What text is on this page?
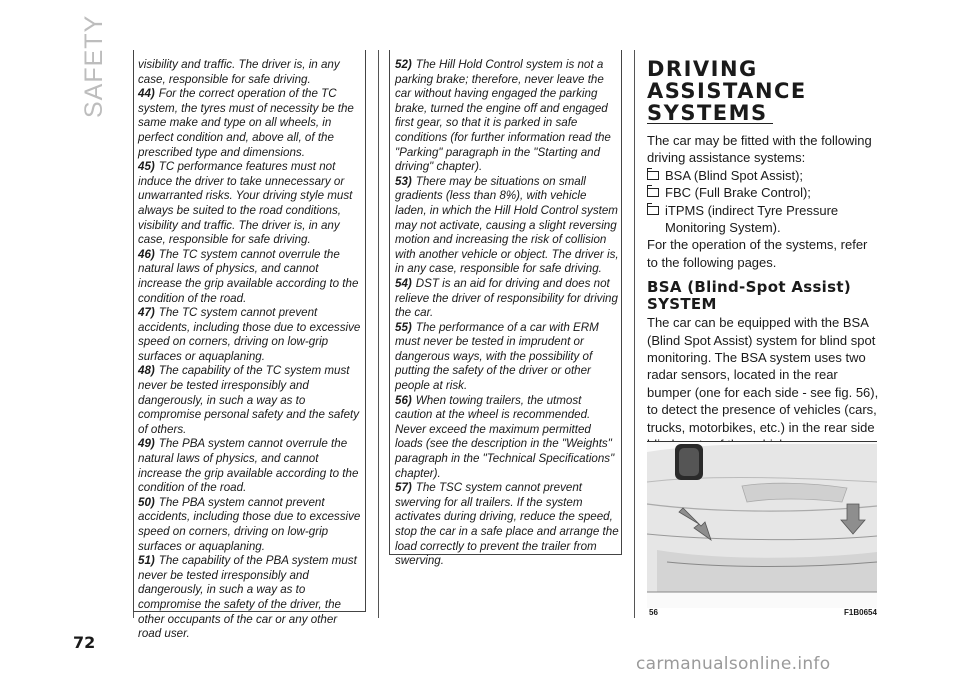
SAFETY	visibility and traffic. The driver is, in any case, responsible for safe driving.

44) For the correct operation of the TC system, the tyres must of necessity be the same make and type on all wheels, in perfect condition and, above all, of the prescribed type and dimensions.

45) TC performance features must not induce the driver to take unnecessary or unwarranted risks. Your driving style must always be suited to the road conditions, visibility and traffic. The driver is, in any case, responsible for safe driving.

46) The TC system cannot overrule the natural laws of physics, and cannot increase the grip available according to the condition of the road.

47) The TC system cannot prevent accidents, including those due to excessive speed on corners, driving on low-grip surfaces or aquaplaning.

48) The capability of the TC system must never be tested irresponsibly and dangerously, in such a way as to compromise personal safety and the safety of others.

49) The PBA system cannot overrule the natural laws of physics, and cannot increase the grip available according to the condition of the road.

50) The PBA system cannot prevent accidents, including those due to excessive speed on corners, driving on low-grip surfaces or aquaplaning.

51) The capability of the PBA system must never be tested irresponsibly and dangerously, in such a way as to compromise the safety of the driver, the other occupants of the car or any other road user.

52) The Hill Hold Control system is not a parking brake; therefore, never leave the car without having engaged the parking brake, turned the engine off and engaged first gear, so that it is parked in safe conditions (for further information read the "Parking" paragraph in the "Starting and driving" chapter).

53) There may be situations on small gradients (less than 8%), with vehicle laden, in which the Hill Hold Control system may not activate, causing a slight reversing motion and increasing the risk of collision with another vehicle or object. The driver is, in any case, responsible for safe driving.

54) DST is an aid for driving and does not relieve the driver of responsibility for driving the car.

55) The performance of a car with ERM must never be tested in imprudent or dangerous ways, with the possibility of putting the safety of the driver or other people at risk.

56) When towing trailers, the utmost caution at the wheel is recommended. Never exceed the maximum permitted loads (see the description in the "Weights" paragraph in the "Technical Specifications" chapter).

57) The TSC system cannot prevent swerving for all trailers. If the system activates during driving, reduce the speed, stop the car in a safe place and arrange the load correctly to prevent the trailer from swerving.

DRIVING
ASSISTANCE
SYSTEMS

The car may be fitted with the following driving assistance systems:

BSA (Blind Spot Assist);
FBC (Full Brake Control);
iTPMS (indirect Tyre Pressure Monitoring System).

For the operation of the systems, refer to the following pages.

BSA (Blind-Spot Assist)
SYSTEM

The car can be equipped with the BSA (Blind Spot Assist) system for blind spot monitoring. The BSA system uses two radar sensors, located in the rear bumper (one for each side - see fig. 56), to detect the presence of vehicles (cars, trucks, motorbikes, etc.) in the rear side

56	F1B0654
72
carmanualsonline.info
